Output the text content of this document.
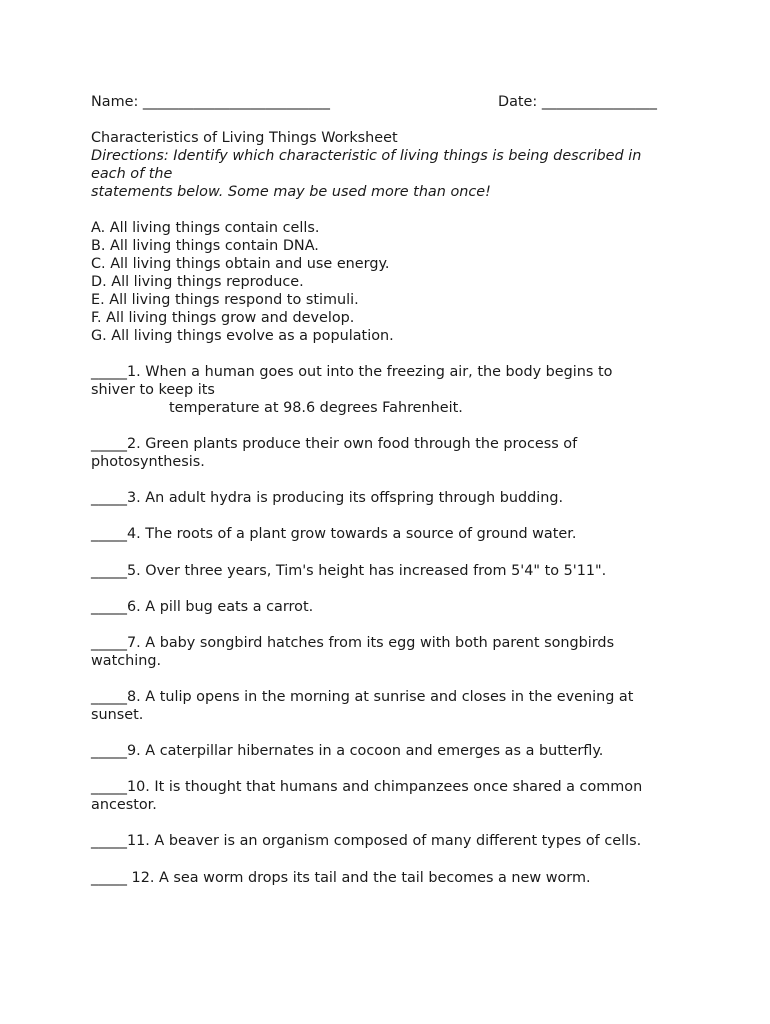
Name: __________________________	Date: ________________

Characteristics of Living Things Worksheet

Directions: Identify which characteristic of living things is being described in

each of the

statements below. Some may be used more than once!

A. All living things contain cells.

B. All living things contain DNA.

C. All living things obtain and use energy.

D. All living things reproduce.

E. All living things respond to stimuli.

F. All living things grow and develop.

G. All living things evolve as a population.

_____1. When a human goes out into the freezing air, the body begins to
shiver to keep its
temperature at 98.6 degrees Fahrenheit.
_____2. Green plants produce their own food through the process of
photosynthesis.
_____3. An adult hydra is producing its offspring through budding.
_____4. The roots of a plant grow towards a source of ground water.
_____5. Over three years, Tim's height has increased from 5'4" to 5'11".
_____6. A pill bug eats a carrot.
_____7. A baby songbird hatches from its egg with both parent songbirds
watching.
_____8. A tulip opens in the morning at sunrise and closes in the evening at
sunset.
_____9. A caterpillar hibernates in a cocoon and emerges as a butterfly.
_____10. It is thought that humans and chimpanzees once shared a common
ancestor.
_____11. A beaver is an organism composed of many different types of cells.
_____ 12. A sea worm drops its tail and the tail becomes a new worm.
